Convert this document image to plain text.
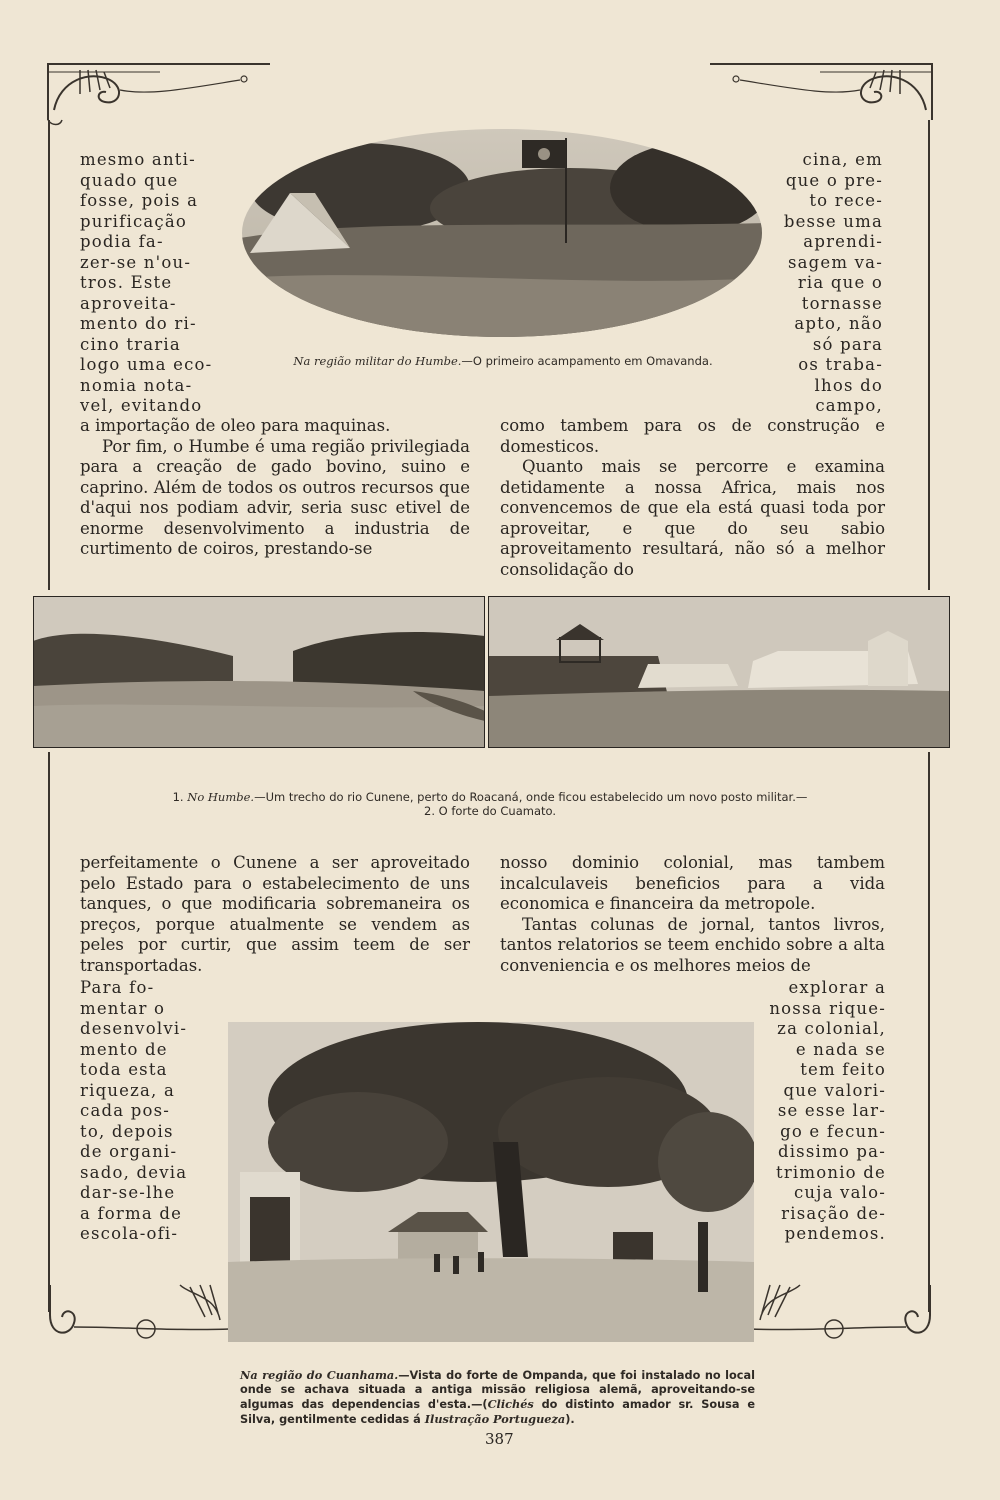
Na região militar do Humbe.—O primeiro acampamento em Omavanda.
mesmo anti-
quado que
fosse, pois a
purificação
podia fa-
zer-se n'ou-
tros. Este
aproveita-
mento do ri-
cino traria
logo uma eco-
nomia nota-
vel, evitando
cina, em
que o pre-
to rece-
besse uma
aprendi-
sagem va-
ria que o
tornasse
apto, não
só para
os traba-
lhos do
campo,

a importação de oleo para maquinas.

Por fim, o Humbe é uma região privilegiada para a creação de gado bovino, suino e caprino. Além de todos os outros recursos que d'aqui nos podiam advir, seria susc etivel de enorme desenvolvimento a industria de curtimento de coiros, prestando-se

como tambem para os de construção e domesticos.

Quanto mais se percorre e examina detidamente a nossa Africa, mais nos convencemos de que ela está quasi toda por aproveitar, e que do seu sabio aproveitamento resultará, não só a melhor consolidação do

1. No Humbe.—Um trecho do rio Cunene, perto do Roacaná, onde ficou estabelecido um novo posto militar.—
2. O forte do Cuamato.

perfeitamente o Cunene a ser aproveitado pelo Estado para o estabelecimento de uns tanques, o que modificaria sobremaneira os preços, porque atualmente se vendem as peles por curtir, que assim teem de ser transportadas.

nosso dominio colonial, mas tambem incalculaveis beneficios para a vida economica e financeira da metropole.

Tantas colunas de jornal, tantos livros, tantos relatorios se teem enchido sobre a alta conveniencia e os melhores meios de

Para fo-
mentar o
desenvolvi-
mento de
toda esta
riqueza, a
cada pos-
to, depois
de organi-
sado, devia
dar-se-lhe
a forma de
escola-ofi-
explorar a
nossa rique-
za colonial,
e nada se
tem feito
que valori-
se esse lar-
go e fecun-
dissimo pa-
trimonio de
cuja valo-
risação de-
pendemos.
Na região do Cuanhama.—Vista do forte de Ompanda, que foi instalado no local onde se achava situada a antiga missão religiosa alemã, aproveitando-se algumas das dependencias d'esta.—(Clichés do distinto amador sr. Sousa e Silva, gentilmente cedidas á Ilustração Portugueza).
387
